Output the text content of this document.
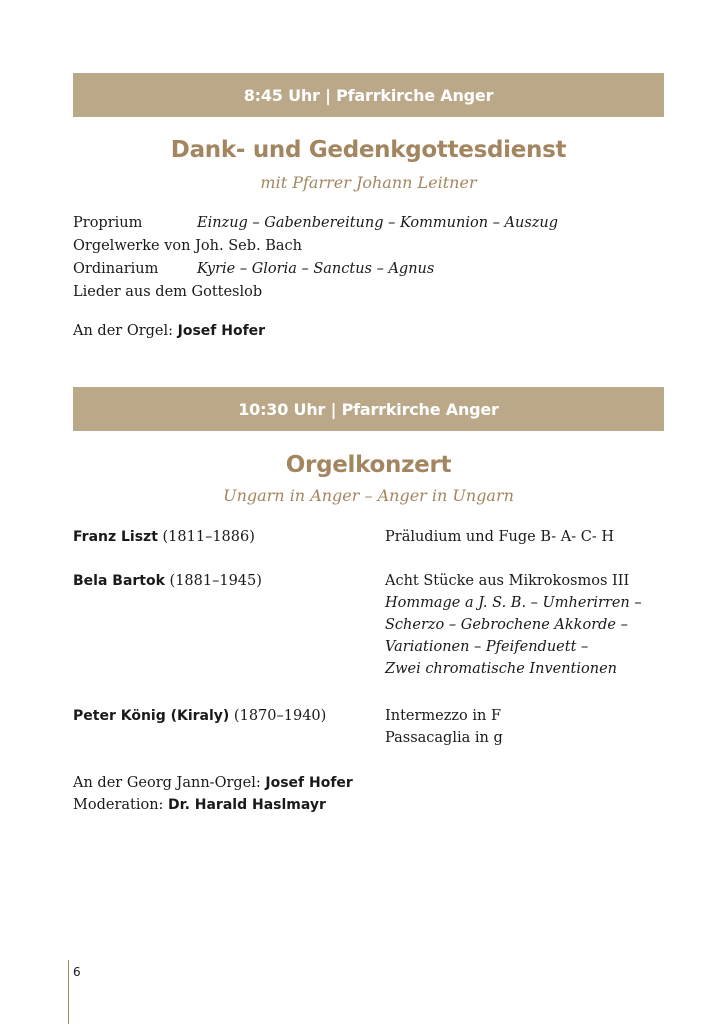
8:45 Uhr | Pfarrkirche Anger
Dank- und Gedenkgottesdienst
mit Pfarrer Johann Leitner
Proprium	Einzug – Gabenbereitung – Kommunion – Auszug
Orgelwerke von Joh. Seb. Bach
Ordinarium	Kyrie – Gloria – Sanctus – Agnus
Lieder aus dem Gotteslob
An der Orgel: Josef Hofer
10:30 Uhr | Pfarrkirche Anger
Orgelkonzert
Ungarn in Anger – Anger in Ungarn
Franz Liszt (1811–1886)	Präludium und Fuge B- A- C- H
Bela Bartok (1881–1945)	Acht Stücke aus Mikrokosmos III
Hommage a J. S. B. – Umherirren –
Scherzo – Gebrochene Akkorde –
Variationen – Pfeifenduett –
Zwei chromatische Inventionen
Peter König (Kiraly) (1870–1940)	Intermezzo in F
Passacaglia in g
An der Georg Jann-Orgel: Josef Hofer
Moderation: Dr. Harald Haslmayr
6
